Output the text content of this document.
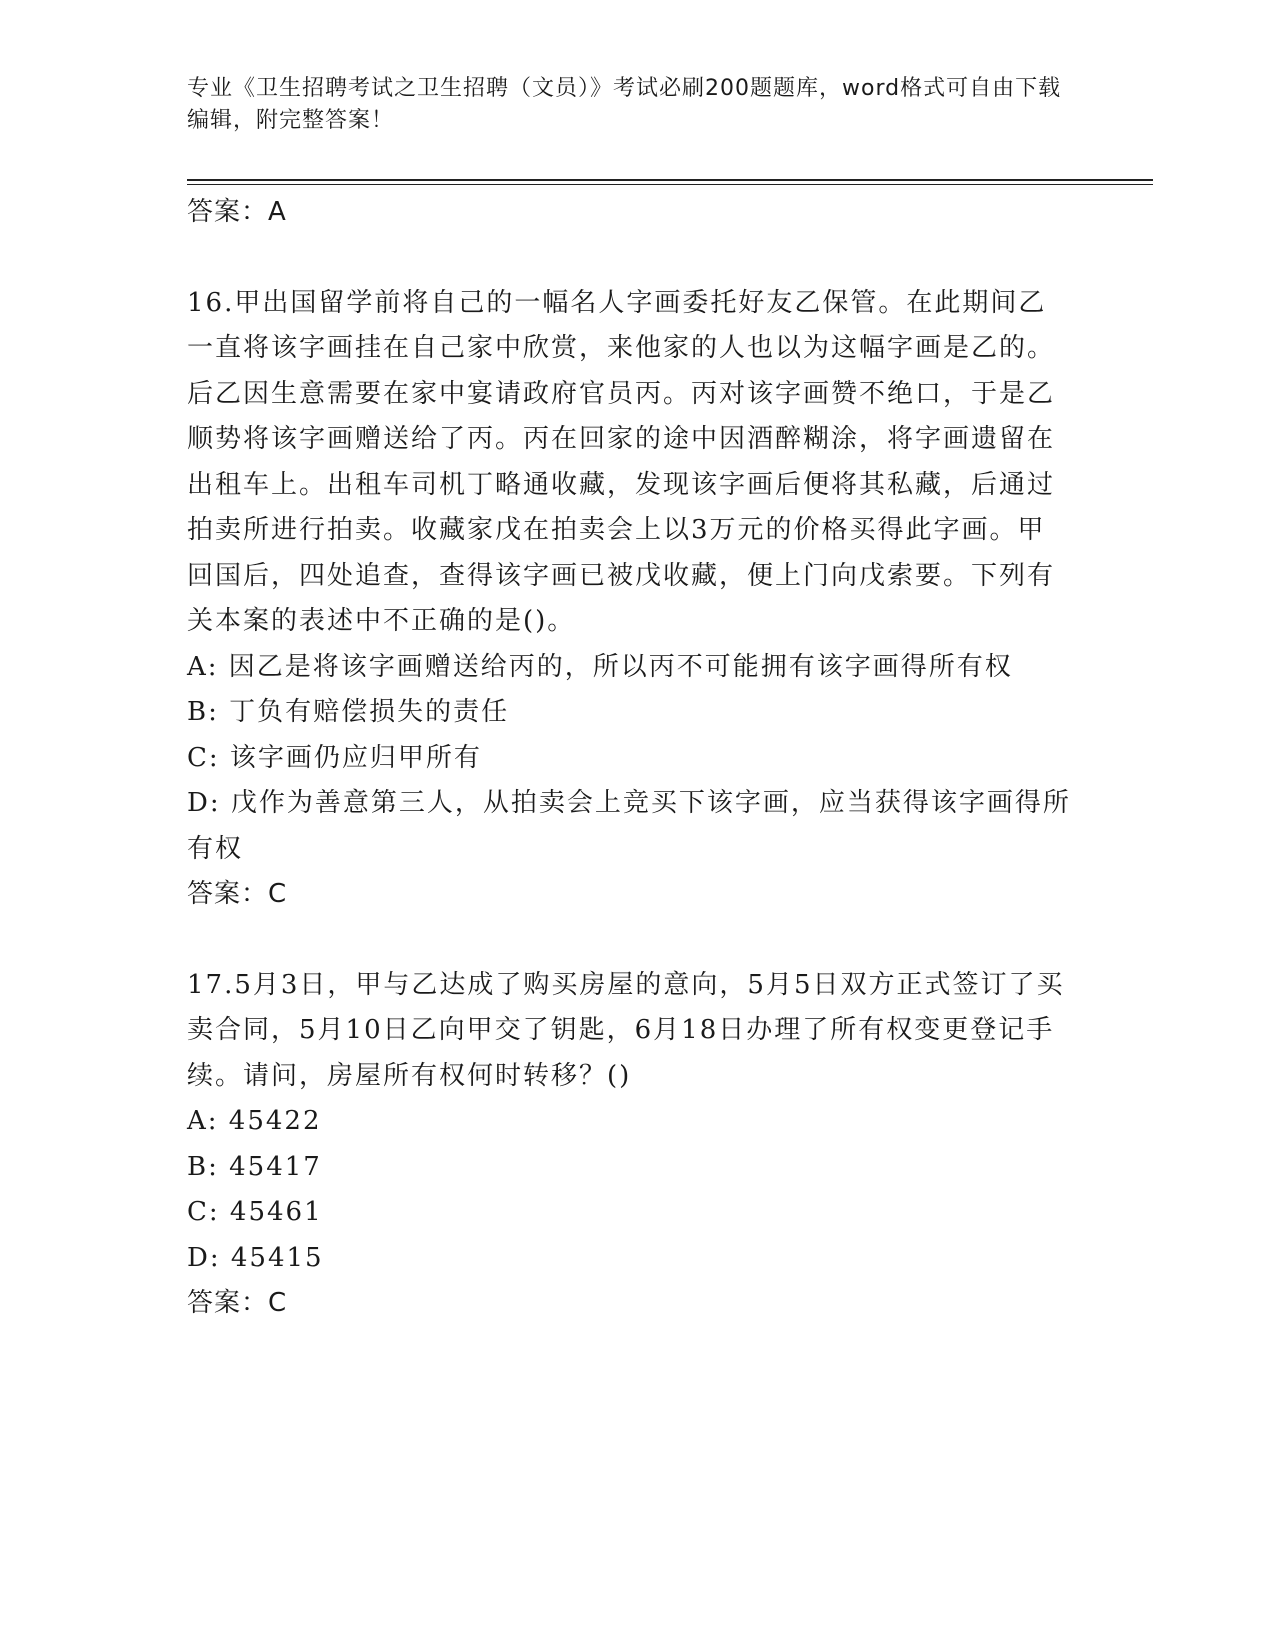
专业《卫生招聘考试之卫生招聘（文员）》考试必刷200题题库，word格式可自由下载编辑，附完整答案！

答案：A

16.甲出国留学前将自己的一幅名人字画委托好友乙保管。在此期间乙一直将该字画挂在自己家中欣赏，来他家的人也以为这幅字画是乙的。后乙因生意需要在家中宴请政府官员丙。丙对该字画赞不绝口，于是乙顺势将该字画赠送给了丙。丙在回家的途中因酒醉糊涂，将字画遗留在出租车上。出租车司机丁略通收藏，发现该字画后便将其私藏，后通过拍卖所进行拍卖。收藏家戊在拍卖会上以3万元的价格买得此字画。甲回国后，四处追查，查得该字画已被戊收藏，便上门向戊索要。下列有关本案的表述中不正确的是()。

A: 因乙是将该字画赠送给丙的，所以丙不可能拥有该字画得所有权

B: 丁负有赔偿损失的责任

C: 该字画仍应归甲所有

D: 戊作为善意第三人，从拍卖会上竞买下该字画，应当获得该字画得所有权

答案：C

17.5月3日，甲与乙达成了购买房屋的意向，5月5日双方正式签订了买卖合同，5月10日乙向甲交了钥匙，6月18日办理了所有权变更登记手续。请问，房屋所有权何时转移？()

A: 45422

B: 45417

C: 45461

D: 45415

答案：C
